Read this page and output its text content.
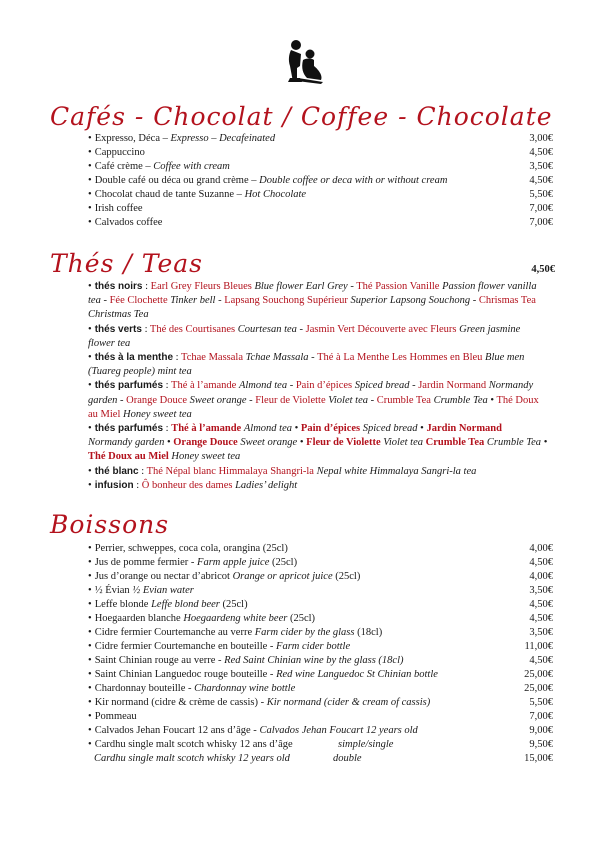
Cafés - Chocolat / Coffee - Chocolate
• Expresso, Déca – Expresso – Decafeinated	3,00€
• Cappuccino	4,50€
• Café crème – Coffee with cream	3,50€
• Double café ou déca ou grand crème – Double coffee or deca with or without cream	4,50€
• Chocolat chaud de tante Suzanne – Hot Chocolate	5,50€
• Irish coffee	7,00€
• Calvados coffee	7,00€
Thés / Teas	4,50€
• thés noirs : Earl Grey Fleurs Bleues Blue flower Earl Grey - Thé Passion Vanille Passion flower vanilla tea - Fée Clochette Tinker bell - Lapsang Souchong Supérieur Superior Lapsong Souchong - Chrismas Tea Christmas Tea
• thés verts : Thé des Courtisanes Courtesan tea - Jasmin Vert Découverte avec Fleurs Green jasmine flower tea
• thés à la menthe : Tchae Massala Tchae Massala - Thé à La Menthe Les Hommes en Bleu Blue men (Tuareg people) mint tea
• thés parfumés : Thé à l’amande Almond tea - Pain d’épices Spiced bread - Jardin Normand Normandy garden - Orange Douce Sweet orange - Fleur de Violette Violet tea - Crumble Tea Crumble Tea • Thé Doux au Miel Honey sweet tea
• thés parfumés : Thé à l’amande Almond tea • Pain d’épices Spiced bread • Jardin Normand Normandy garden • Orange Douce Sweet orange • Fleur de Violette Violet tea Crumble Tea Crumble Tea • Thé Doux au Miel Honey sweet tea
• thé blanc : Thé Népal blanc Himmalaya Shangri-la Nepal white Himmalaya Sangri-la tea
• infusion : Ô bonheur des dames Ladies’ delight
Boissons
• Perrier, schweppes, coca cola, orangina (25cl)	4,00€
• Jus de pomme fermier - Farm apple juice (25cl)	4,50€
• Jus d’orange ou nectar d’abricot Orange or apricot juice (25cl)	4,00€
• ½ Évian ½ Evian water	3,50€
• Leffe blonde Leffe blond beer (25cl)	4,50€
• Hoegaarden blanche Hoegaardeng white beer (25cl)	4,50€
• Cidre fermier Courtemanche au verre Farm cider by the glass (18cl)	3,50€
• Cidre fermier Courtemanche en bouteille - Farm cider bottle	11,00€
• Saint Chinian rouge au verre - Red Saint Chinian wine by the glass (18cl)	4,50€
• Saint Chinian Languedoc rouge bouteille - Red wine Languedoc St Chinian bottle	25,00€
• Chardonnay bouteille - Chardonnay wine bottle	25,00€
• Kir normand (cidre & crème de cassis) - Kir normand (cider & cream of cassis)	5,50€
• Pommeau	7,00€
• Calvados Jehan Foucart 12 ans d’âge - Calvados Jehan Foucart 12 years old	9,00€
• Cardhu single malt scotch whisky 12 ans d’âge	simple/single	9,50€
Cardhu single malt scotch whisky 12 years old	double	15,00€
